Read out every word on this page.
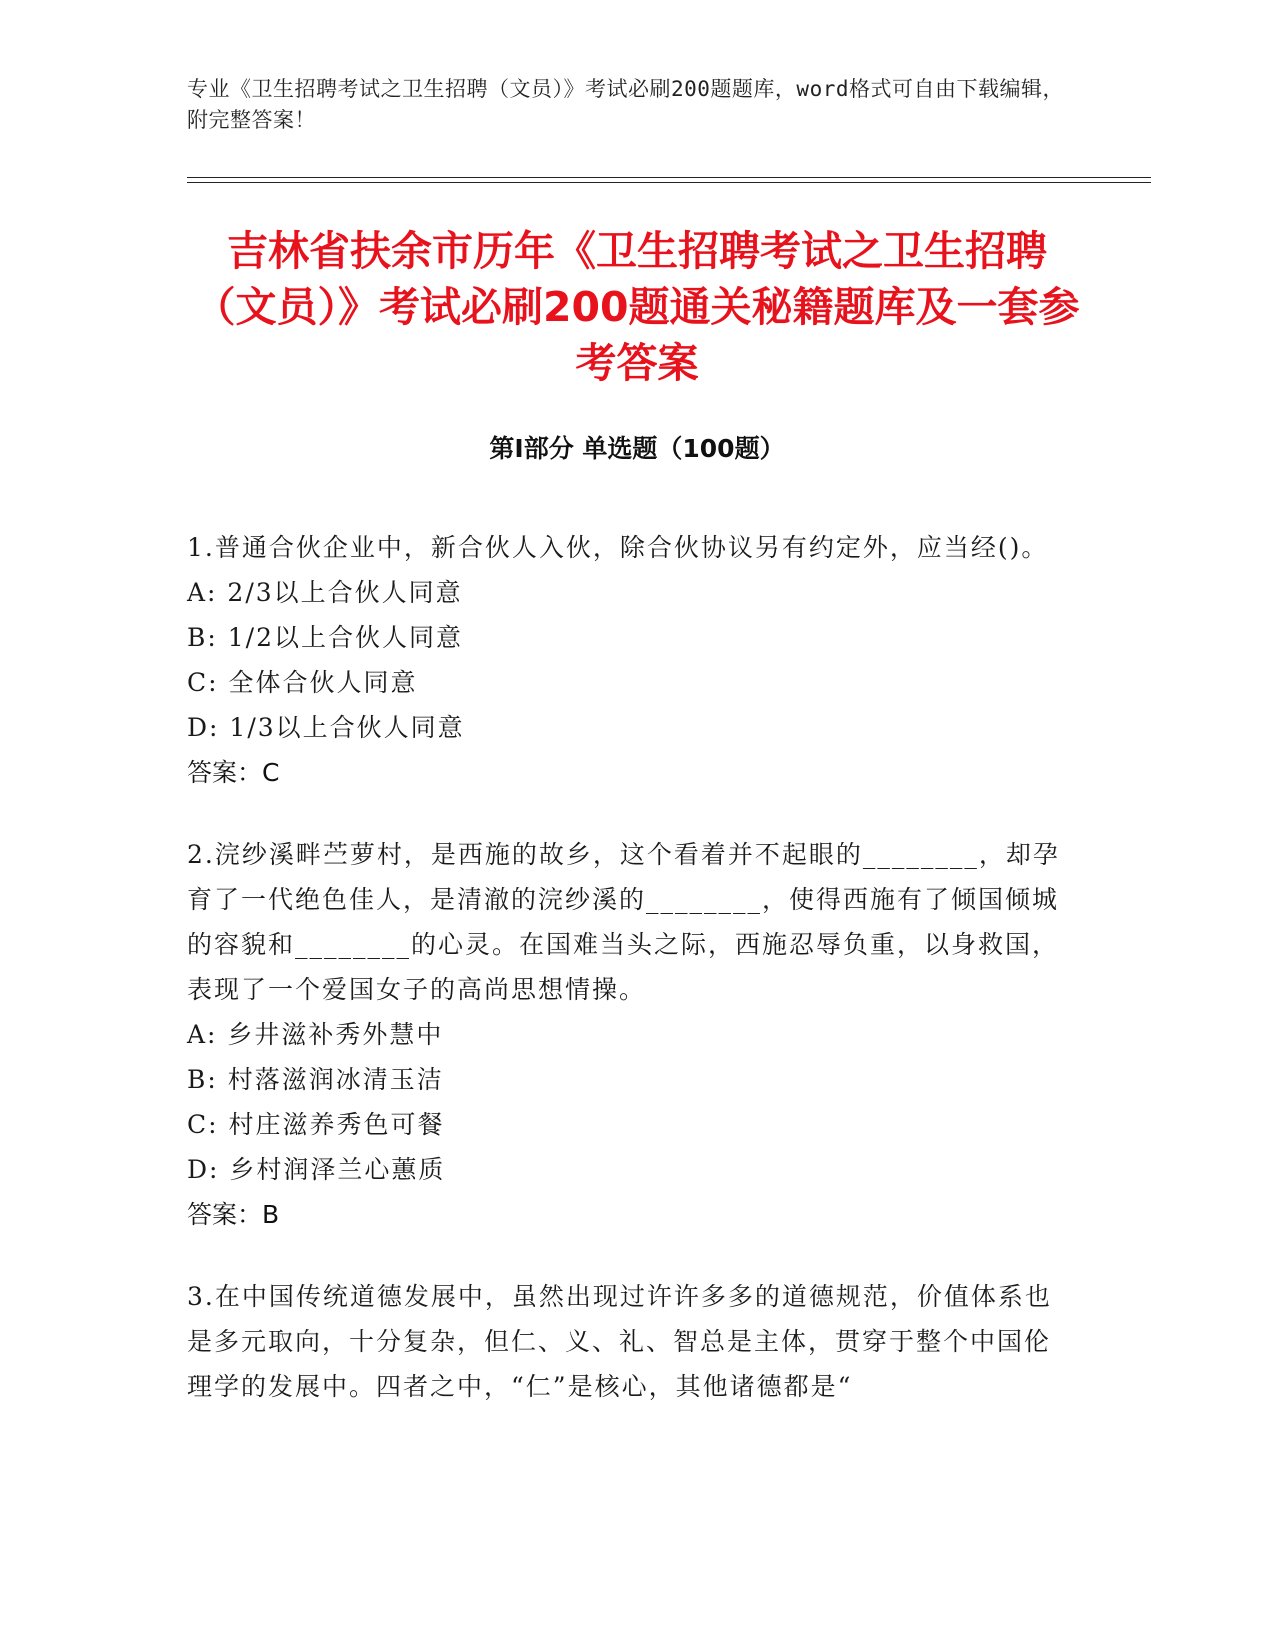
专业《卫生招聘考试之卫生招聘（文员）》考试必刷200题题库，word格式可自由下载编辑，附完整答案！
吉林省扶余市历年《卫生招聘考试之卫生招聘（文员）》考试必刷200题通关秘籍题库及一套参考答案
第Ⅰ部分 单选题（100题）

1.普通合伙企业中，新合伙人入伙，除合伙协议另有约定外，应当经()。

A: 2/3以上合伙人同意

B: 1/2以上合伙人同意

C: 全体合伙人同意

D: 1/3以上合伙人同意

答案：C

2.浣纱溪畔苎萝村，是西施的故乡，这个看着并不起眼的________，却孕育了一代绝色佳人，是清澈的浣纱溪的________，使得西施有了倾国倾城的容貌和________的心灵。在国难当头之际，西施忍辱负重，以身救国，表现了一个爱国女子的高尚思想情操。

A: 乡井滋补秀外慧中

B: 村落滋润冰清玉洁

C: 村庄滋养秀色可餐

D: 乡村润泽兰心蕙质

答案：B

3.在中国传统道德发展中，虽然出现过许许多多的道德规范，价值体系也是多元取向，十分复杂，但仁、义、礼、智总是主体，贯穿于整个中国伦理学的发展中。四者之中，“仁”是核心，其他诸德都是“
